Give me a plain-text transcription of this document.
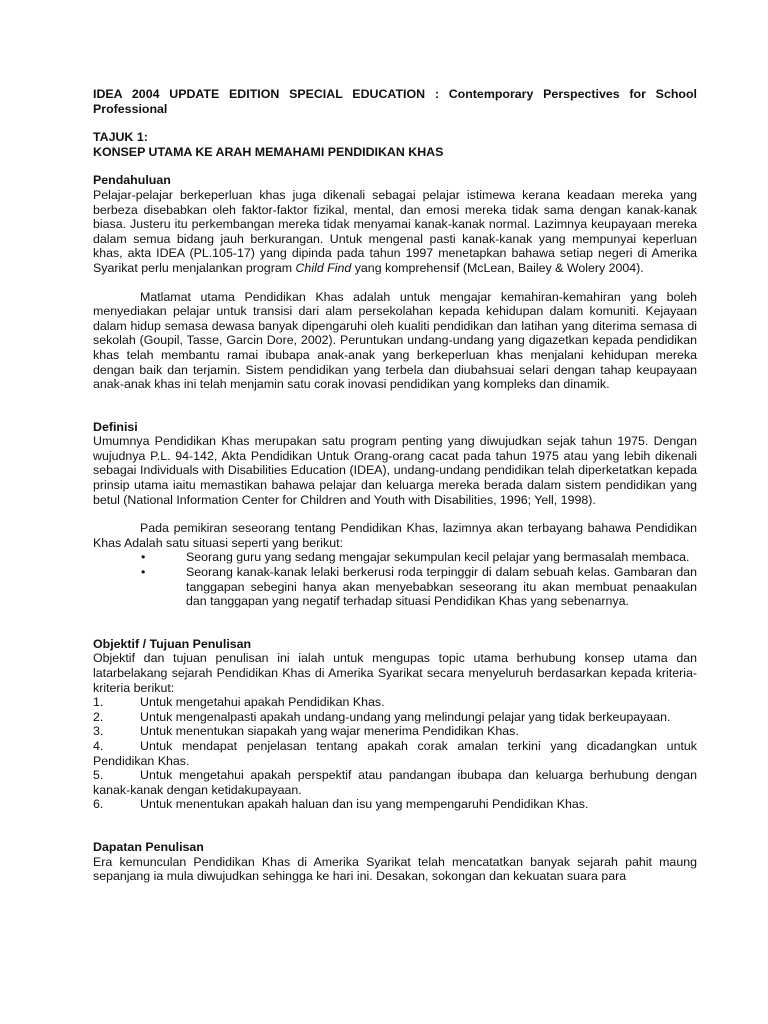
IDEA 2004 UPDATE EDITION SPECIAL EDUCATION : Contemporary Perspectives for School Professional

TAJUK 1:

KONSEP UTAMA KE ARAH MEMAHAMI PENDIDIKAN KHAS

Pendahuluan

Pelajar-pelajar berkeperluan khas juga dikenali sebagai pelajar istimewa kerana keadaan mereka yang berbeza disebabkan oleh faktor-faktor fizikal, mental, dan emosi mereka tidak sama dengan kanak-kanak biasa. Justeru itu perkembangan mereka tidak menyamai kanak-kanak normal. Lazimnya keupayaan mereka dalam semua bidang jauh berkurangan. Untuk mengenal pasti kanak-kanak yang mempunyai keperluan khas, akta IDEA (PL.105-17) yang dipinda pada tahun 1997 menetapkan bahawa setiap negeri di Amerika Syarikat perlu menjalankan program Child Find yang komprehensif (McLean, Bailey & Wolery 2004).

Matlamat utama Pendidikan Khas adalah untuk mengajar kemahiran-kemahiran yang boleh menyediakan pelajar untuk transisi dari alam persekolahan kepada kehidupan dalam komuniti. Kejayaan dalam hidup semasa dewasa banyak dipengaruhi oleh kualiti pendidikan dan latihan yang diterima semasa di sekolah (Goupil, Tasse, Garcin Dore, 2002). Peruntukan undang-undang yang digazetkan kepada pendidikan khas telah membantu ramai ibubapa anak-anak yang berkeperluan khas menjalani kehidupan mereka dengan baik dan terjamin. Sistem pendidikan yang terbela dan diubahsuai selari dengan tahap keupayaan anak-anak khas ini telah menjamin satu corak inovasi pendidikan yang kompleks dan dinamik.

Definisi

Umumnya Pendidikan Khas merupakan satu program penting yang diwujudkan sejak tahun 1975. Dengan wujudnya P.L. 94-142, Akta Pendidikan Untuk Orang-orang cacat pada tahun 1975 atau yang lebih dikenali sebagai Individuals with Disabilities Education (IDEA), undang-undang pendidikan telah diperketatkan kepada prinsip utama iaitu memastikan bahawa pelajar dan keluarga mereka berada dalam sistem pendidikan yang betul (National Information Center for Children and Youth with Disabilities, 1996; Yell, 1998).

Pada pemikiran seseorang tentang Pendidikan Khas, lazimnya akan terbayang bahawa Pendidikan Khas Adalah satu situasi seperti yang berikut:

•	Seorang guru yang sedang mengajar sekumpulan kecil pelajar yang bermasalah membaca.
•	Seorang kanak-kanak lelaki berkerusi roda terpinggir di dalam sebuah kelas. Gambaran dan tanggapan sebegini hanya akan menyebabkan seseorang itu akan membuat penaakulan dan tanggapan yang negatif terhadap situasi Pendidikan Khas yang sebenarnya.

Objektif / Tujuan Penulisan

Objektif dan tujuan penulisan ini ialah untuk mengupas topic utama berhubung konsep utama dan latarbelakang sejarah Pendidikan Khas di Amerika Syarikat secara menyeluruh berdasarkan kepada kriteria-kriteria berikut:

1.	Untuk mengetahui apakah Pendidikan Khas.
2.	Untuk mengenalpasti apakah undang-undang yang melindungi pelajar yang tidak berkeupayaan.
3.	Untuk menentukan siapakah yang wajar menerima Pendidikan Khas.
4.	Untuk mendapat penjelasan tentang apakah corak amalan terkini yang dicadangkan untuk Pendidikan Khas.
5.	Untuk mengetahui apakah perspektif atau pandangan ibubapa dan keluarga berhubung dengan kanak-kanak dengan ketidakupayaan.
6.	Untuk menentukan apakah haluan dan isu yang mempengaruhi Pendidikan Khas.

Dapatan Penulisan

Era kemunculan Pendidikan Khas di Amerika Syarikat telah mencatatkan banyak sejarah pahit maung sepanjang ia mula diwujudkan sehingga ke hari ini. Desakan, sokongan dan kekuatan suara para
